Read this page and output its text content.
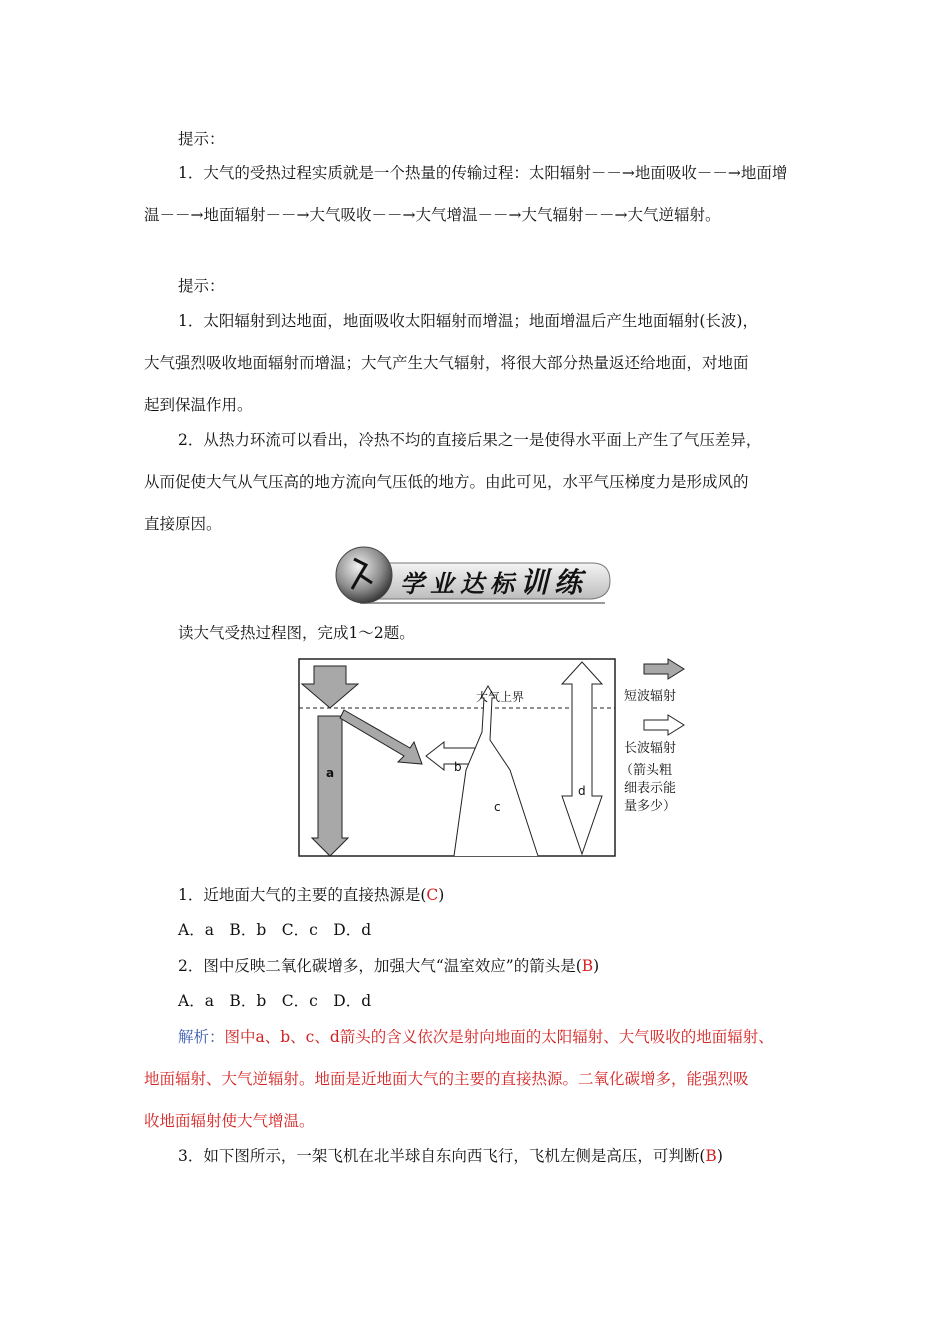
提示：
1．大气的受热过程实质就是一个热量的传输过程：太阳辐射－－→地面吸收－－→地面增
温－－→地面辐射－－→大气吸收－－→大气增温－－→大气辐射－－→大气逆辐射。
提示：
1．太阳辐射到达地面，地面吸收太阳辐射而增温；地面增温后产生地面辐射(长波)，
大气强烈吸收地面辐射而增温；大气产生大气辐射，将很大部分热量返还给地面，对地面
起到保温作用。
2．从热力环流可以看出，冷热不均的直接后果之一是使得水平面上产生了气压差异，
从而促使大气从气压高的地方流向气压低的地方。由此可见，水平气压梯度力是形成风的
直接原因。
学业达标训练
读大气受热过程图，完成1～2题。
大气上界
a	b
c
d
短波辐射
长波辐射
（箭头粗
细表示能
量多少）
1．近地面大气的主要的直接热源是(C)
A．a　B．b　C．c　D．d
2．图中反映二氧化碳增多，加强大气“温室效应”的箭头是(B)
A．a　B．b　C．c　D．d
解析：图中a、b、c、d箭头的含义依次是射向地面的太阳辐射、大气吸收的地面辐射、
地面辐射、大气逆辐射。地面是近地面大气的主要的直接热源。二氧化碳增多，能强烈吸
收地面辐射使大气增温。
3．如下图所示，一架飞机在北半球自东向西飞行，飞机左侧是高压，可判断(B)
